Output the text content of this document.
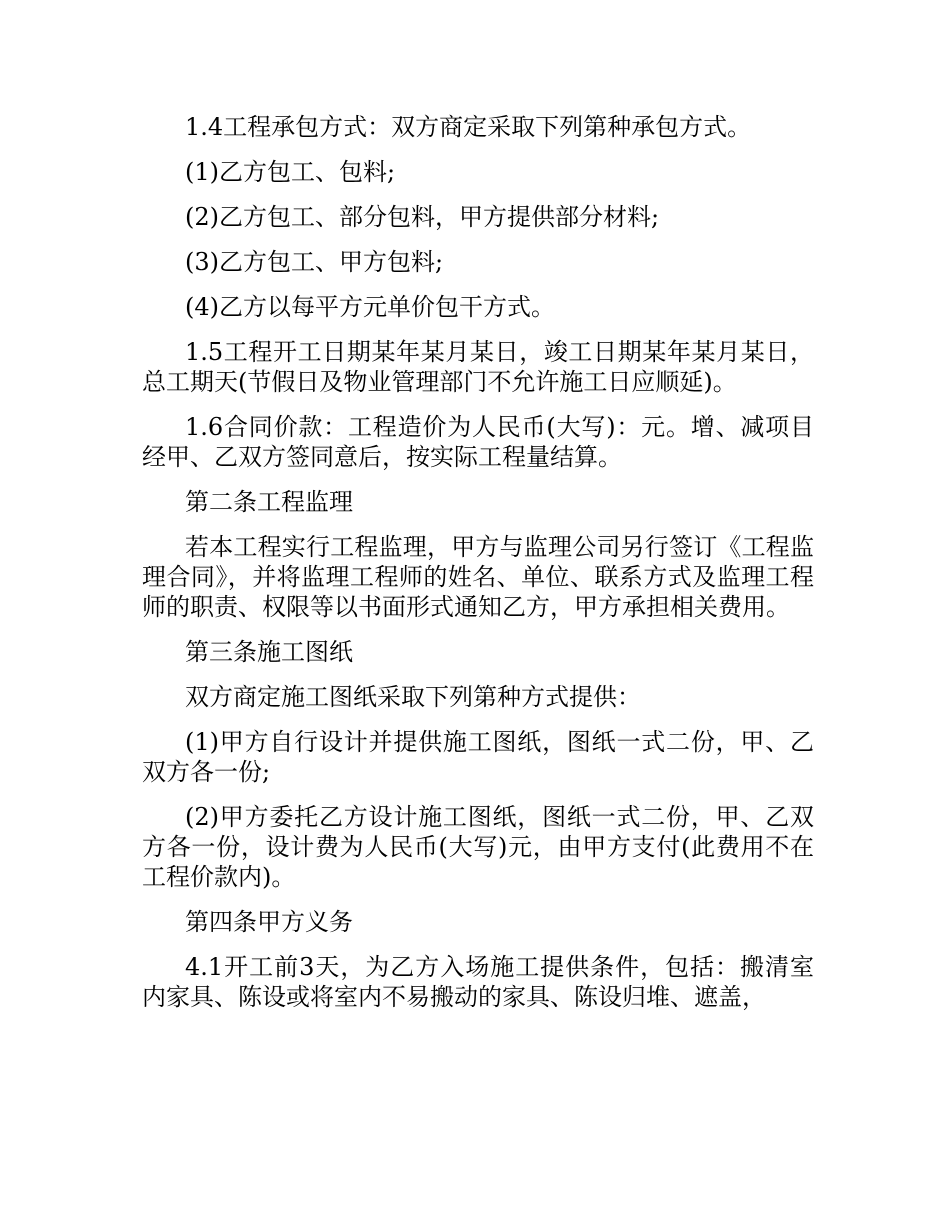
1.4工程承包方式：双方商定采取下列第种承包方式。

(1)乙方包工、包料;

(2)乙方包工、部分包料，甲方提供部分材料;

(3)乙方包工、甲方包料;

(4)乙方以每平方元单价包干方式。

1.5工程开工日期某年某月某日，竣工日期某年某月某日，总工期天(节假日及物业管理部门不允许施工日应顺延)。

1.6合同价款：工程造价为人民币(大写)：元。增、减项目经甲、乙双方签同意后，按实际工程量结算。

第二条工程监理

若本工程实行工程监理，甲方与监理公司另行签订《工程监理合同》，并将监理工程师的姓名、单位、联系方式及监理工程师的职责、权限等以书面形式通知乙方，甲方承担相关费用。

第三条施工图纸

双方商定施工图纸采取下列第种方式提供：

(1)甲方自行设计并提供施工图纸，图纸一式二份，甲、乙双方各一份;

(2)甲方委托乙方设计施工图纸，图纸一式二份，甲、乙双方各一份，设计费为人民币(大写)元，由甲方支付(此费用不在工程价款内)。

第四条甲方义务

4.1开工前3天，为乙方入场施工提供条件，包括：搬清室内家具、陈设或将室内不易搬动的家具、陈设归堆、遮盖，
